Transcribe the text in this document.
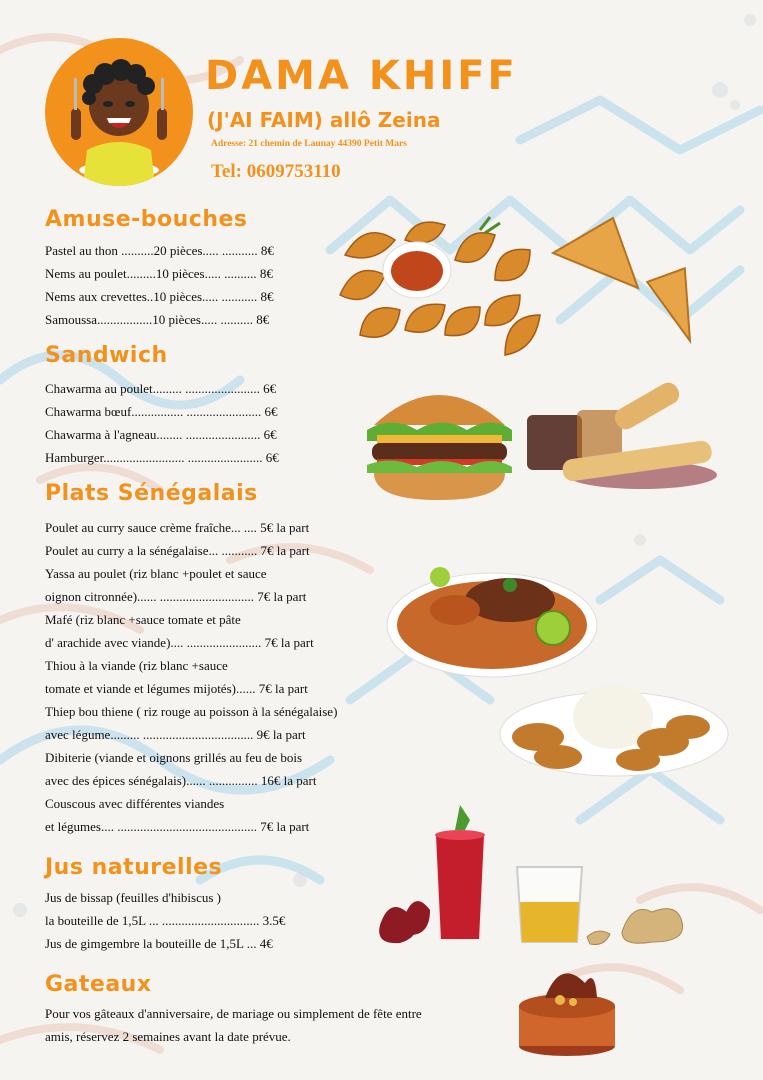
DAMA KHIFF
(J'AI FAIM) allô Zeina
Adresse: 21 chemin de Launay 44390 Petit Mars
Tel: 0609753110
Amuse-bouches
Pastel au thon ..........20 pièces..... ........... 8€
Nems au poulet.........10 pièces..... .......... 8€
Nems aux crevettes..10 pièces..... ........... 8€
Samoussa.................10 pièces..... .......... 8€
Sandwich
Chawarma au poulet......... ....................... 6€
Chawarma bœuf................ ....................... 6€
Chawarma à l'agneau........ ....................... 6€
Hamburger......................... ....................... 6€
Plats Sénégalais
Poulet au curry sauce crème fraîche... .... 5€ la part
Poulet au curry a la sénégalaise... ........... 7€ la part
Yassa au poulet (riz blanc +poulet et sauce
oignon citronnée)...... ............................. 7€ la part
Mafé (riz blanc +sauce tomate et pâte
d' arachide avec viande).... ....................... 7€ la part
Thiou à la viande (riz blanc +sauce
tomate et viande et légumes mijotés)...... 7€ la part
Thiep bou thiene ( riz rouge au poisson à la sénégalaise)
avec légume......... .................................. 9€ la part
Dibiterie (viande et oignons grillés au feu de bois
avec des épices sénégalais)...... ............... 16€ la part
Couscous avec différentes viandes
et légumes.... ........................................... 7€ la part
Jus naturelles
Jus de bissap (feuilles d'hibiscus )
la bouteille de 1,5L ... .............................. 3.5€
Jus de gimgembre la bouteille de 1,5L ... 4€
Gateaux
Pour vos gâteaux d'anniversaire, de mariage ou simplement de fête entre amis, réservez 2 semaines avant la date prévue.
